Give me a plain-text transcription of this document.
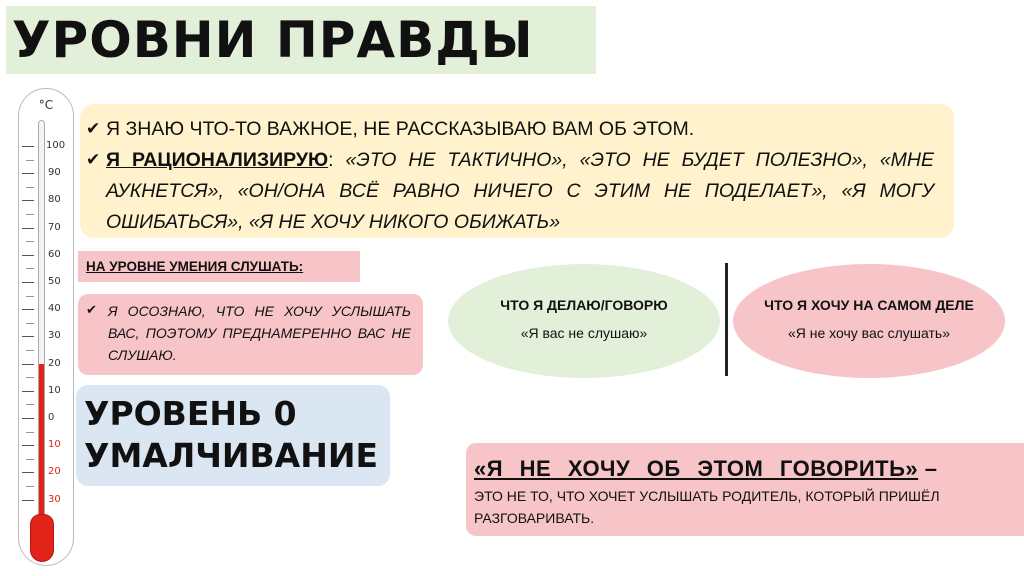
УРОВНИ ПРАВДЫ
°C
100
90
80
70
60
50
40
30
20
10
0
10
20
30
✔ Я ЗНАЮ ЧТО-ТО ВАЖНОЕ, НЕ РАССКАЗЫВАЮ ВАМ ОБ ЭТОМ.
✔ Я РАЦИОНАЛИЗИРУЮ: «ЭТО НЕ ТАКТИЧНО», «ЭТО НЕ БУДЕТ ПОЛЕЗНО», «МНЕ АУКНЕТСЯ», «ОН/ОНА ВСЁ РАВНО НИЧЕГО С ЭТИМ НЕ ПОДЕЛАЕТ», «Я МОГУ ОШИБАТЬСЯ», «Я НЕ ХОЧУ НИКОГО ОБИЖАТЬ»
НА УРОВНЕ УМЕНИЯ СЛУШАТЬ:
✔ Я ОСОЗНАЮ, ЧТО НЕ ХОЧУ УСЛЫШАТЬ ВАС, ПОЭТОМУ ПРЕДНАМЕРЕННО ВАС НЕ СЛУШАЮ.
УРОВЕНЬ 0
УМАЛЧИВАНИЕ
ЧТО Я ДЕЛАЮ/ГОВОРЮ
«Я вас не слушаю»
ЧТО Я ХОЧУ НА САМОМ ДЕЛЕ
«Я не хочу вас слушать»
«Я НЕ ХОЧУ ОБ ЭТОМ ГОВОРИТЬ» –
ЭТО НЕ ТО, ЧТО ХОЧЕТ УСЛЫШАТЬ РОДИТЕЛЬ, КОТОРЫЙ ПРИШЁЛ РАЗГОВАРИВАТЬ.
